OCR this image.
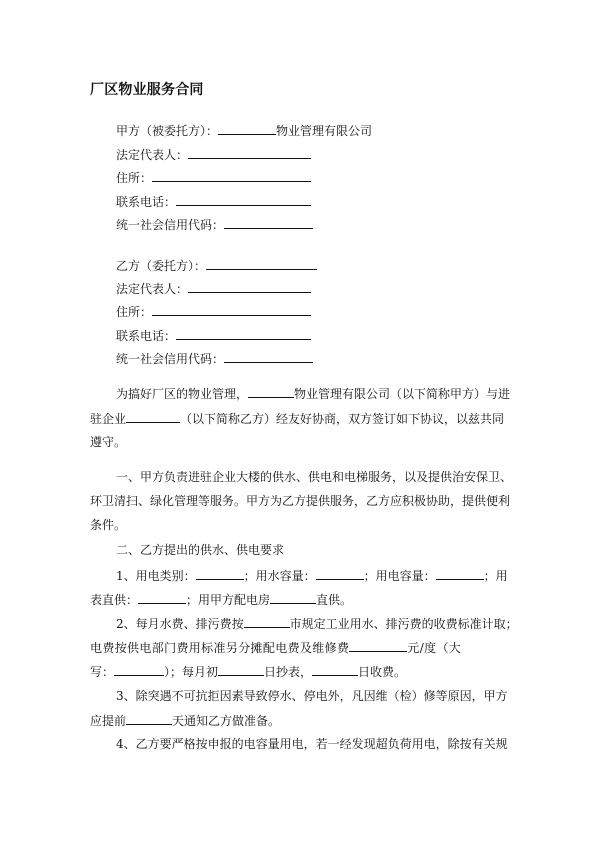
厂区物业服务合同
甲方（被委托方）：	物业管理有限公司
法定代表人：
住所：
联系电话：
统一社会信用代码：
乙方（委托方）：
法定代表人：
住所：
联系电话：
统一社会信用代码：
为搞好厂区的物业管理，	物业管理有限公司（以下简称甲方）与进
驻企业	（以下简称乙方）经友好协商，双方签订如下协议，以兹共同
遵守。
一、甲方负责进驻企业大楼的供水、供电和电梯服务，以及提供治安保卫、
环卫清扫、绿化管理等服务。甲方为乙方提供服务，乙方应积极协助，提供便利
条件。
二、乙方提出的供水、供电要求
1、用电类别：	；用水容量：	；用电容量：	；用
表直供：	；用甲方配电房	直供。
2、每月水费、排污费按	市规定工业用水、排污费的收费标准计取；
电费按供电部门费用标准另分摊配电费及维修费	元/度（大
写：	）；每月初	日抄表，	日收费。
3、除突遇不可抗拒因素导致停水、停电外，凡因维（检）修等原因，甲方
应提前	天通知乙方做准备。
4、乙方要严格按申报的电容量用电，若一经发现超负荷用电，除按有关规
